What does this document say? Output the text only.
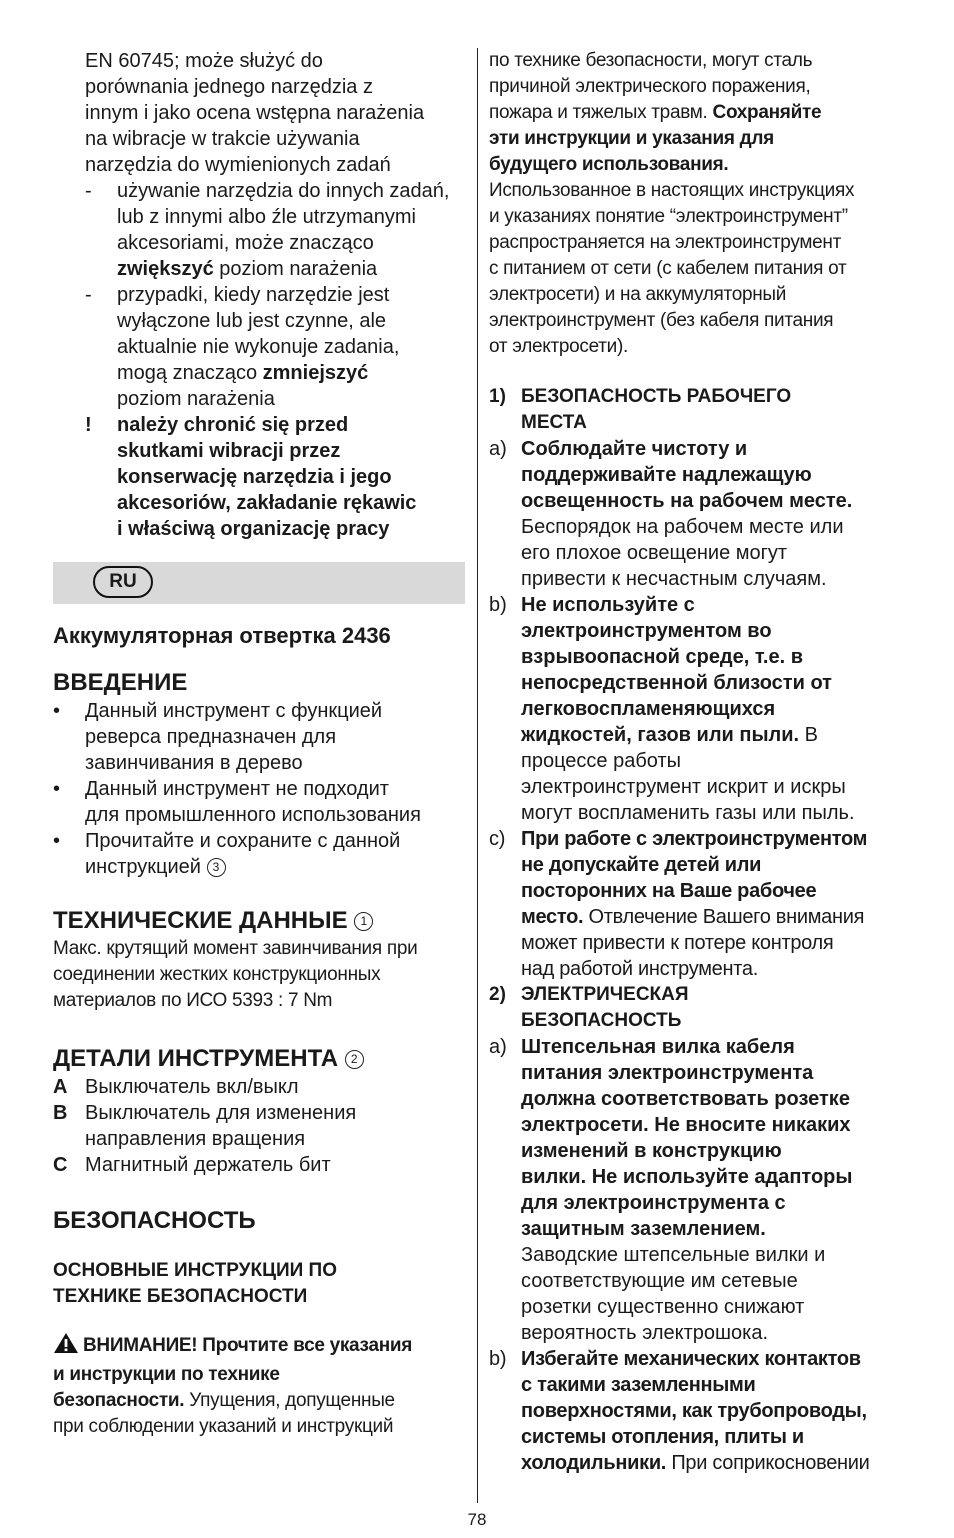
EN 60745; może służyć do
porównania jednego narzędzia z
innym i jako ocena wstępna narażenia
na wibracje w trakcie używania
narzędzia do wymienionych zadań
-	używanie narzędzia do innych zadań,
lub z innymi albo źle utrzymanymi
akcesoriami, może znacząco
zwiększyć poziom narażenia
-	przypadki, kiedy narzędzie jest
wyłączone lub jest czynne, ale
aktualnie nie wykonuje zadania,
mogą znacząco zmniejszyć
poziom narażenia
!	należy chronić się przed
skutkami wibracji przez
konserwację narzędzia i jego
akcesoriów, zakładanie rękawic
i właściwą organizację pracy
RU
Аккумуляторная отвертка 2436
ВВЕДЕНИЕ
•	Данный инструмент с функцией
реверса предназначен для
завинчивания в дерево
•	Данный инструмент не подходит
для промышленного использования
•	Прочитайте и сохраните с данной
инструкцией 3
ТЕХНИЧЕСКИЕ ДАННЫЕ 1
Макс. крутящий момент завинчивания при
соединении жестких конструкционных
материалов по ИСО 5393 : 7 Nm
ДЕТАЛИ ИНСТРУМЕНТА 2
A Выключатель вкл/выкл
B Выключатель для изменения
направления вращения
C Магнитный держатель бит
БЕЗОПАСНОСТЬ
ОСНОВНЫЕ ИНСТРУКЦИИ ПО
ТЕХНИКЕ БЕЗОПАСНОСТИ
ВНИМАНИЕ! Прочтите все указания
и инструкции по технике
безопасности. Упущения, допущенные
при соблюдении указаний и инструкций
по технике безопасности, могут сталь
причиной электрического поражения,
пожара и тяжелых травм. Сохраняйте
эти инструкции и указания для
будущего использования.
Использованное в настоящих инструкциях
и указаниях понятие “электроинструмент”
распространяется на электроинструмент
с питанием от сети (с кабелем питания от
электросети) и на аккумуляторный
электроинструмент (без кабеля питания
от электросети).
1) БЕЗОПАСНОСТЬ РАБОЧЕГО
МЕСТА
a) Соблюдайте чистоту и
поддерживайте надлежащую
освещенность на рабочем месте.
Беспорядок на рабочем месте или
его плохое освещение могут
привести к несчастным случаям.
b) Не используйте с
электроинструментом во
взрывоопасной среде, т.е. в
непосредственной близости от
легковоспламеняющихся
жидкостей, газов или пыли. В
процессе работы
электроинструмент искрит и искры
могут воспламенить газы или пыль.
c) При работе с электроинструментом
не допускайте детей или
посторонних на Ваше рабочее
место. Отвлечение Вашего внимания
может привести к потере контроля
над работой инструмента.
2) ЭЛЕКТРИЧЕСКАЯ
БЕЗОПАСНОСТЬ
a) Штепсельная вилка кабеля
питания электроинструмента
должна соответствовать розетке
электросети. Не вносите никаких
изменений в конструкцию
вилки. Не используйте адапторы
для электроинструмента с
защитным заземлением.
Заводские штепсельные вилки и
соответствующие им сетевые
розетки существенно снижают
вероятность электрошока.
b) Избегайте механических контактов
с такими заземленными
поверхностями, как трубопроводы,
системы отопления, плиты и
холодильники. При соприкосновении
78
